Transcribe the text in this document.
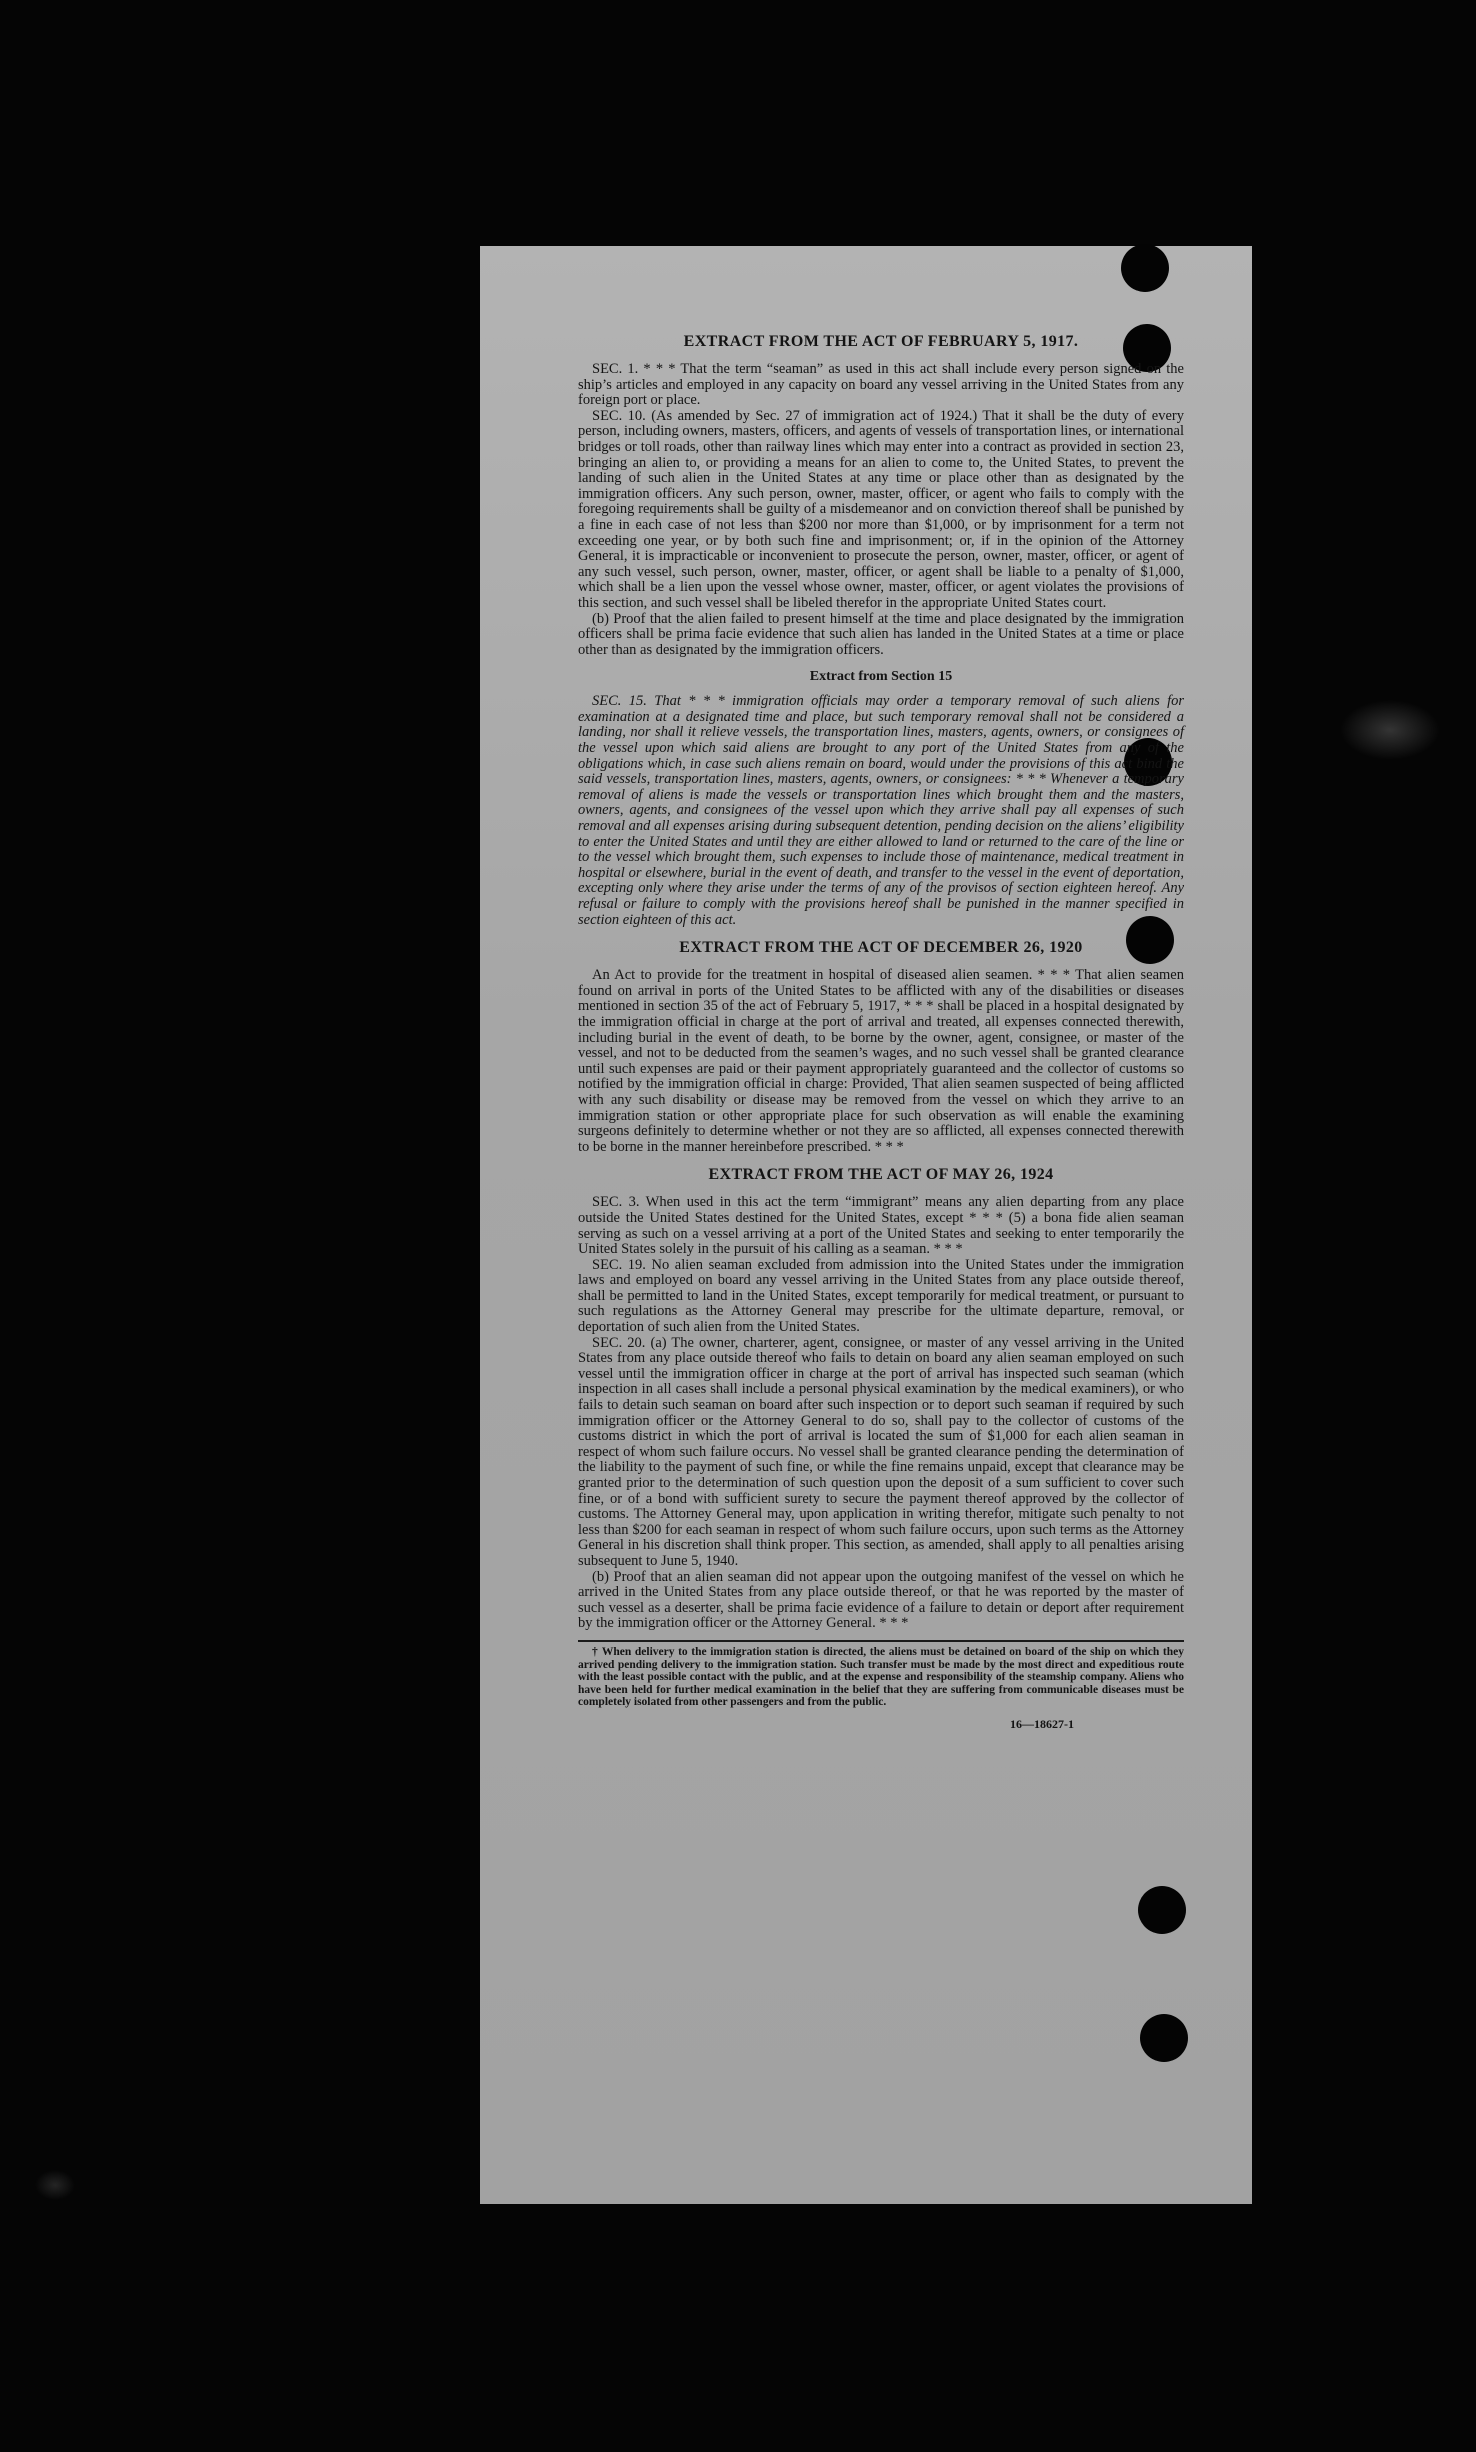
EXTRACT FROM THE ACT OF FEBRUARY 5, 1917.

SEC. 1. * * * That the term “seaman” as used in this act shall include every person signed on the ship’s articles and employed in any capacity on board any vessel arriving in the United States from any foreign port or place.

SEC. 10. (As amended by Sec. 27 of immigration act of 1924.) That it shall be the duty of every person, including owners, masters, officers, and agents of vessels of transportation lines, or international bridges or toll roads, other than railway lines which may enter into a contract as provided in section 23, bringing an alien to, or providing a means for an alien to come to, the United States, to prevent the landing of such alien in the United States at any time or place other than as designated by the immigration officers. Any such person, owner, master, officer, or agent who fails to comply with the foregoing requirements shall be guilty of a misdemeanor and on conviction thereof shall be punished by a fine in each case of not less than $200 nor more than $1,000, or by imprisonment for a term not exceeding one year, or by both such fine and imprisonment; or, if in the opinion of the Attorney General, it is impracticable or inconvenient to prosecute the person, owner, master, officer, or agent of any such vessel, such person, owner, master, officer, or agent shall be liable to a penalty of $1,000, which shall be a lien upon the vessel whose owner, master, officer, or agent violates the provisions of this section, and such vessel shall be libeled therefor in the appropriate United States court.

(b) Proof that the alien failed to present himself at the time and place designated by the immigration officers shall be prima facie evidence that such alien has landed in the United States at a time or place other than as designated by the immigration officers.

Extract from Section 15

SEC. 15. That * * * immigration officials may order a temporary removal of such aliens for examination at a designated time and place, but such temporary removal shall not be considered a landing, nor shall it relieve vessels, the transportation lines, masters, agents, owners, or consignees of the vessel upon which said aliens are brought to any port of the United States from any of the obligations which, in case such aliens remain on board, would under the provisions of this act bind the said vessels, transportation lines, masters, agents, owners, or consignees: * * * Whenever a temporary removal of aliens is made the vessels or transportation lines which brought them and the masters, owners, agents, and consignees of the vessel upon which they arrive shall pay all expenses of such removal and all expenses arising during subsequent detention, pending decision on the aliens’ eligibility to enter the United States and until they are either allowed to land or returned to the care of the line or to the vessel which brought them, such expenses to include those of maintenance, medical treatment in hospital or elsewhere, burial in the event of death, and transfer to the vessel in the event of deportation, excepting only where they arise under the terms of any of the provisos of section eighteen hereof. Any refusal or failure to comply with the provisions hereof shall be punished in the manner specified in section eighteen of this act.

EXTRACT FROM THE ACT OF DECEMBER 26, 1920

An Act to provide for the treatment in hospital of diseased alien seamen. * * * That alien seamen found on arrival in ports of the United States to be afflicted with any of the disabilities or diseases mentioned in section 35 of the act of February 5, 1917, * * * shall be placed in a hospital designated by the immigration official in charge at the port of arrival and treated, all expenses connected therewith, including burial in the event of death, to be borne by the owner, agent, consignee, or master of the vessel, and not to be deducted from the seamen’s wages, and no such vessel shall be granted clearance until such expenses are paid or their payment appropriately guaranteed and the collector of customs so notified by the immigration official in charge: Provided, That alien seamen suspected of being afflicted with any such disability or disease may be removed from the vessel on which they arrive to an immigration station or other appropriate place for such observation as will enable the examining surgeons definitely to determine whether or not they are so afflicted, all expenses connected therewith to be borne in the manner hereinbefore prescribed. * * *

EXTRACT FROM THE ACT OF MAY 26, 1924

SEC. 3. When used in this act the term “immigrant” means any alien departing from any place outside the United States destined for the United States, except * * * (5) a bona fide alien seaman serving as such on a vessel arriving at a port of the United States and seeking to enter temporarily the United States solely in the pursuit of his calling as a seaman. * * *

SEC. 19. No alien seaman excluded from admission into the United States under the immigration laws and employed on board any vessel arriving in the United States from any place outside thereof, shall be permitted to land in the United States, except temporarily for medical treatment, or pursuant to such regulations as the Attorney General may prescribe for the ultimate departure, removal, or deportation of such alien from the United States.

SEC. 20. (a) The owner, charterer, agent, consignee, or master of any vessel arriving in the United States from any place outside thereof who fails to detain on board any alien seaman employed on such vessel until the immigration officer in charge at the port of arrival has inspected such seaman (which inspection in all cases shall include a personal physical examination by the medical examiners), or who fails to detain such seaman on board after such inspection or to deport such seaman if required by such immigration officer or the Attorney General to do so, shall pay to the collector of customs of the customs district in which the port of arrival is located the sum of $1,000 for each alien seaman in respect of whom such failure occurs. No vessel shall be granted clearance pending the determination of the liability to the payment of such fine, or while the fine remains unpaid, except that clearance may be granted prior to the determination of such question upon the deposit of a sum sufficient to cover such fine, or of a bond with sufficient surety to secure the payment thereof approved by the collector of customs. The Attorney General may, upon application in writing therefor, mitigate such penalty to not less than $200 for each seaman in respect of whom such failure occurs, upon such terms as the Attorney General in his discretion shall think proper. This section, as amended, shall apply to all penalties arising subsequent to June 5, 1940.

(b) Proof that an alien seaman did not appear upon the outgoing manifest of the vessel on which he arrived in the United States from any place outside thereof, or that he was reported by the master of such vessel as a deserter, shall be prima facie evidence of a failure to detain or deport after requirement by the immigration officer or the Attorney General. * * *

† When delivery to the immigration station is directed, the aliens must be detained on board of the ship on which they arrived pending delivery to the immigration station. Such transfer must be made by the most direct and expeditious route with the least possible contact with the public, and at the expense and responsibility of the steamship company. Aliens who have been held for further medical examination in the belief that they are suffering from communicable diseases must be completely isolated from other passengers and from the public.

16—18627-1
